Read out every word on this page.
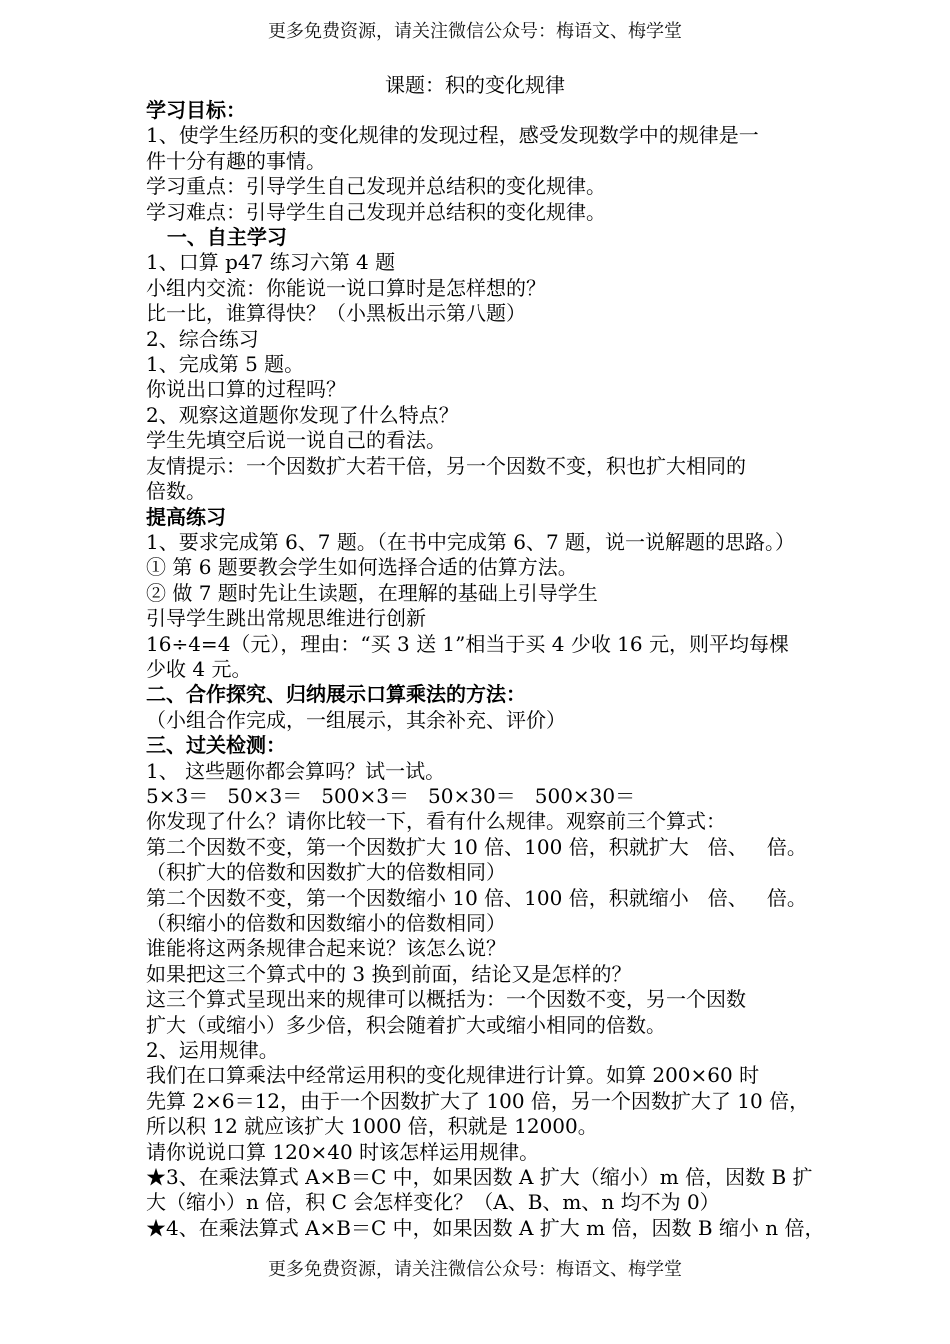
更多免费资源，请关注微信公众号：梅语文、梅学堂
课题：积的变化规律
学习目标：
1、使学生经历积的变化规律的发现过程，感受发现数学中的规律是一
件十分有趣的事情。
学习重点：引导学生自己发现并总结积的变化规律。
学习难点：引导学生自己发现并总结积的变化规律。
一、自主学习
1、口算 p47 练习六第 4 题
小组内交流：你能说一说口算时是怎样想的？
比一比，谁算得快？（小黑板出示第八题）
2、综合练习
1、完成第 5 题。
你说出口算的过程吗？
2、观察这道题你发现了什么特点？
学生先填空后说一说自己的看法。
友情提示：一个因数扩大若干倍，另一个因数不变，积也扩大相同的
倍数。
提高练习
1、要求完成第 6、7 题。（在书中完成第 6、7 题，说一说解题的思路。）
① 第 6 题要教会学生如何选择合适的估算方法。
② 做 7 题时先让生读题，在理解的基础上引导学生
引导学生跳出常规思维进行创新
16÷4=4（元），理由：“买 3 送 1”相当于买 4 少收 16 元，则平均每棵
少收 4 元。
二、合作探究、归纳展示口算乘法的方法：
（小组合作完成，一组展示，其余补充、评价）
三、过关检测：
1、 这些题你都会算吗？试一试。
5×3＝   50×3＝   500×3＝   50×30＝   500×30＝
你发现了什么？请你比较一下，看有什么规律。观察前三个算式：
第二个因数不变，第一个因数扩大 10 倍、100 倍，积就扩大   倍、   倍。
（积扩大的倍数和因数扩大的倍数相同）
第二个因数不变，第一个因数缩小 10 倍、100 倍，积就缩小   倍、   倍。
（积缩小的倍数和因数缩小的倍数相同）
谁能将这两条规律合起来说？该怎么说？
如果把这三个算式中的 3 换到前面，结论又是怎样的？
这三个算式呈现出来的规律可以概括为：一个因数不变，另一个因数
扩大（或缩小）多少倍，积会随着扩大或缩小相同的倍数。
2、运用规律。
我们在口算乘法中经常运用积的变化规律进行计算。如算 200×60 时
先算 2×6＝12，由于一个因数扩大了 100 倍，另一个因数扩大了 10 倍，
所以积 12 就应该扩大 1000 倍，积就是 12000。
请你说说口算 120×40 时该怎样运用规律。
★3、在乘法算式 A×B＝C 中，如果因数 A 扩大（缩小）m 倍，因数 B 扩
大（缩小）n 倍，积 C 会怎样变化？（A、B、m、n 均不为 0）
★4、在乘法算式 A×B＝C 中，如果因数 A 扩大 m 倍，因数 B 缩小 n 倍，
更多免费资源，请关注微信公众号：梅语文、梅学堂
